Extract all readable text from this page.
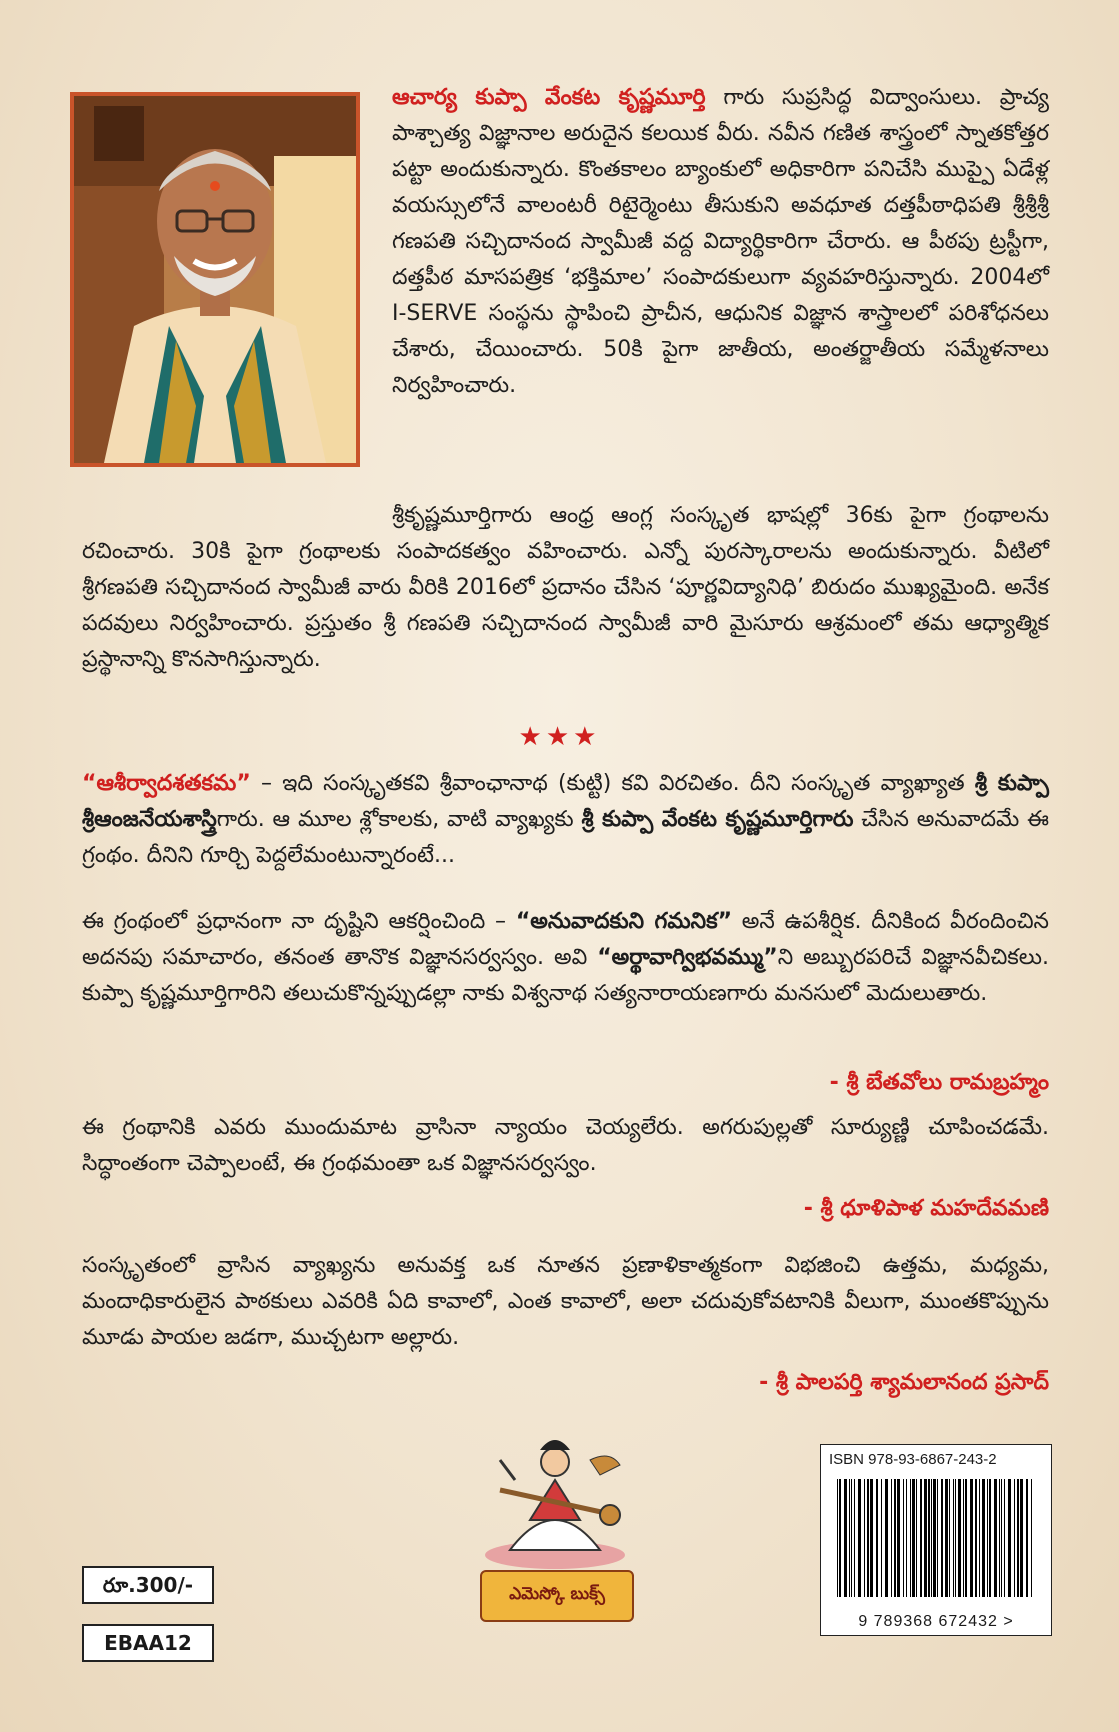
ఆచార్య కుప్పా వేంకట కృష్ణమూర్తి గారు సుప్రసిద్ధ విద్వాంసులు. ప్రాచ్య పాశ్చాత్య విజ్ఞానాల అరుదైన కలయిక వీరు. నవీన గణిత శాస్త్రంలో స్నాతకోత్తర పట్టా అందుకున్నారు. కొంతకాలం బ్యాంకులో అధికారిగా పనిచేసి ముప్పై ఏడేళ్ల వయస్సులోనే వాలంటరీ రిటైర్మెంటు తీసుకుని అవధూత దత్తపీఠాధిపతి శ్రీశ్రీశ్రీ గణపతి సచ్చిదానంద స్వామీజీ వద్ద విద్యార్థికారిగా చేరారు. ఆ పీఠపు ట్రస్టీగా, దత్తపీఠ మాసపత్రిక ‘భక్తిమాల’ సంపాదకులుగా వ్యవహరిస్తున్నారు. 2004లో I-SERVE సంస్థను స్థాపించి ప్రాచీన, ఆధునిక విజ్ఞాన శాస్త్రాలలో పరిశోధనలు చేశారు, చేయించారు. 50కి పైగా జాతీయ, అంతర్జాతీయ సమ్మేళనాలు నిర్వహించారు.

శ్రీకృష్ణమూర్తిగారు ఆంధ్ర ఆంగ్ల సంస్కృత భాషల్లో 36కు పైగా గ్రంథాలను రచించారు. 30కి పైగా గ్రంథాలకు సంపాదకత్వం వహించారు. ఎన్నో పురస్కారాలను అందుకున్నారు. వీటిలో శ్రీగణపతి సచ్చిదానంద స్వామీజీ వారు వీరికి 2016లో ప్రదానం చేసిన ‘పూర్ణవిద్యానిధి’ బిరుదం ముఖ్యమైంది. అనేక పదవులు నిర్వహించారు. ప్రస్తుతం శ్రీ గణపతి సచ్చిదానంద స్వామీజీ వారి మైసూరు ఆశ్రమంలో తమ ఆధ్యాత్మిక ప్రస్థానాన్ని కొనసాగిస్తున్నారు.

★★★

“ఆశీర్వాదశతకమ” – ఇది సంస్కృతకవి శ్రీవాంఛానాథ (కుట్టి) కవి విరచితం. దీని సంస్కృత వ్యాఖ్యాత శ్రీ కుప్పా శ్రీఆంజనేయశాస్త్రిగారు. ఆ మూల శ్లోకాలకు, వాటి వ్యాఖ్యకు శ్రీ కుప్పా వేంకట కృష్ణమూర్తిగారు చేసిన అనువాదమే ఈ గ్రంథం. దీనిని గూర్చి పెద్దలేమంటున్నారంటే...

ఈ గ్రంథంలో ప్రధానంగా నా దృష్టిని ఆకర్షించింది – “అనువాదకుని గమనిక” అనే ఉపశీర్షిక. దీనికింద వీరందించిన అదనపు సమాచారం, తనంత తానొక విజ్ఞానసర్వస్వం. అవి “అర్థావాగ్విభవమ్ము”ని అబ్బురపరిచే విజ్ఞానవీచికలు. కుప్పా కృష్ణమూర్తిగారిని తలుచుకొన్నప్పుడల్లా నాకు విశ్వనాథ సత్యనారాయణగారు మనసులో మెదులుతారు.

- శ్రీ బేతవోలు రామబ్రహ్మం

ఈ గ్రంథానికి ఎవరు ముందుమాట వ్రాసినా న్యాయం చెయ్యలేరు. అగరుపుల్లతో సూర్యుణ్ణి చూపించడమే. సిద్ధాంతంగా చెప్పాలంటే, ఈ గ్రంథమంతా ఒక విజ్ఞానసర్వస్వం.

- శ్రీ ధూళిపాళ మహదేవమణి

సంస్కృతంలో వ్రాసిన వ్యాఖ్యను అనువక్త ఒక నూతన ప్రణాళికాత్మకంగా విభజించి ఉత్తమ, మధ్యమ, మందాధికారులైన పాఠకులు ఎవరికి ఏది కావాలో, ఎంత కావాలో, అలా చదువుకోవటానికి వీలుగా, ముంతకొప్పును మూడు పాయల జడగా, ముచ్చటగా అల్లారు.

- శ్రీ పాలపర్తి శ్యామలానంద ప్రసాద్
ఎమెస్కో బుక్స్
రూ.300/-
EBAA12
ISBN 978-93-6867-243-2
9 789368 672432 >
